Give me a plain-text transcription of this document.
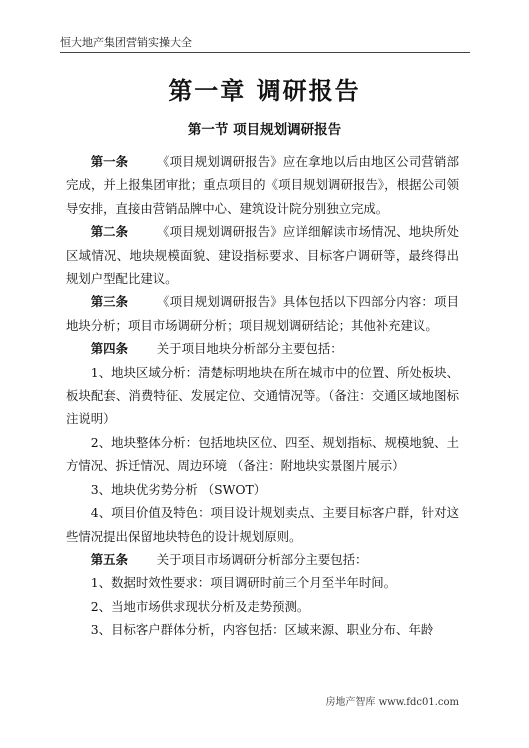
恒大地产集团营销实操大全
第一章 调研报告
第一节 项目规划调研报告

第一条 《项目规划调研报告》应在拿地以后由地区公司营销部完成，并上报集团审批；重点项目的《项目规划调研报告》，根据公司领导安排，直接由营销品牌中心、建筑设计院分别独立完成。

第二条 《项目规划调研报告》应详细解读市场情况、地块所处区域情况、地块规模面貌、建设指标要求、目标客户调研等，最终得出规划户型配比建议。

第三条 《项目规划调研报告》具体包括以下四部分内容：项目地块分析；项目市场调研分析；项目规划调研结论；其他补充建议。

第四条 关于项目地块分析部分主要包括：

1、地块区域分析：清楚标明地块在所在城市中的位置、所处板块、板块配套、消费特征、发展定位、交通情况等。（备注：交通区域地图标注说明）

2、地块整体分析：包括地块区位、四至、规划指标、规模地貌、土方情况、拆迁情况、周边环境 （备注：附地块实景图片展示）

3、地块优劣势分析 （SWOT）

4、项目价值及特色：项目设计规划卖点、主要目标客户群，针对这些情况提出保留地块特色的设计规划原则。

第五条 关于项目市场调研分析部分主要包括：

1、数据时效性要求：项目调研时前三个月至半年时间。

2、当地市场供求现状分析及走势预测。

3、目标客户群体分析，内容包括：区域来源、职业分布、年龄

房地产智库 www.fdc01.com
